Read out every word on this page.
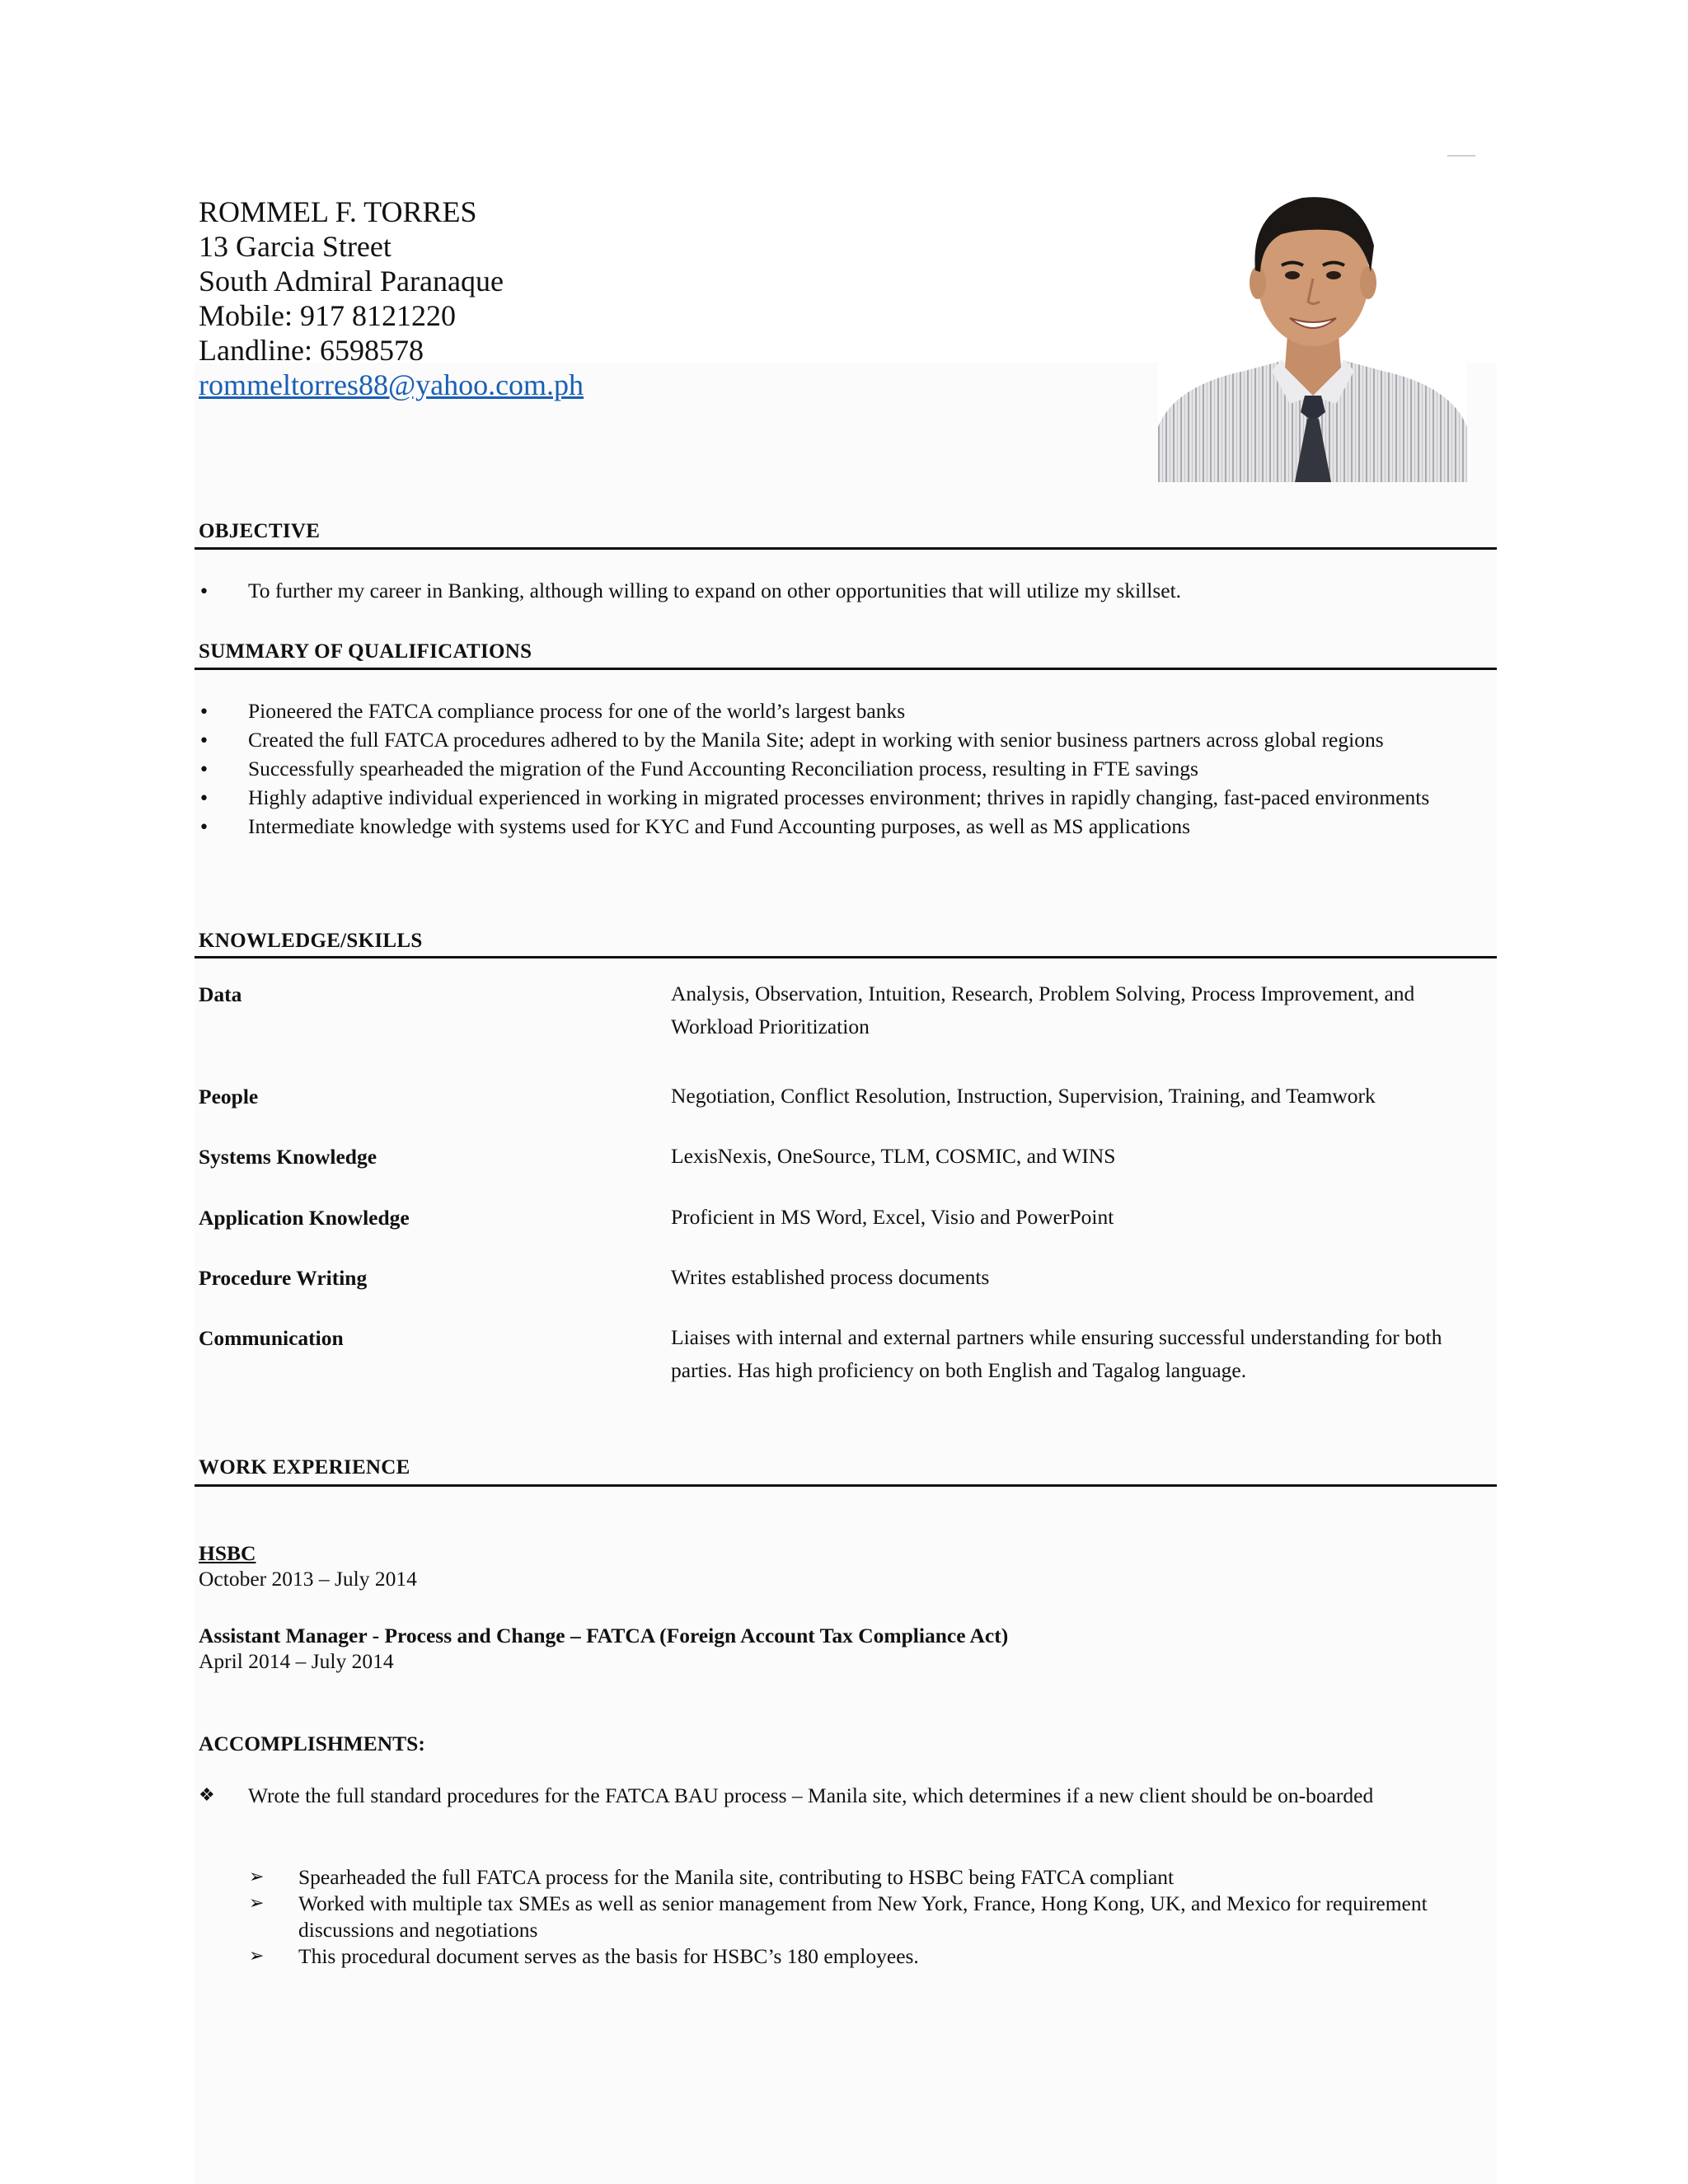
ROMMEL F. TORRES
13 Garcia Street
South Admiral Paranaque
Mobile: 917 8121220
Landline: 6598578
rommeltorres88@yahoo.com.ph
OBJECTIVE
•
To further my career in Banking, although willing to expand on other opportunities that will utilize my skillset.
SUMMARY OF QUALIFICATIONS
•
Pioneered the FATCA compliance process for one of the world’s largest banks
•
Created the full FATCA procedures adhered to by the Manila Site; adept in working with senior business partners across global regions
•
Successfully spearheaded the migration of the Fund Accounting Reconciliation process, resulting in FTE savings
•
Highly adaptive individual experienced in working in migrated processes environment; thrives in rapidly changing, fast-paced environments
•
Intermediate knowledge with systems used for KYC and Fund Accounting purposes, as well as MS applications
KNOWLEDGE/SKILLS
Data	Analysis, Observation, Intuition, Research, Problem Solving, Process Improvement, and Workload Prioritization
People	Negotiation, Conflict Resolution, Instruction, Supervision, Training, and Teamwork
Systems Knowledge	LexisNexis, OneSource, TLM, COSMIC, and WINS
Application Knowledge	Proficient in MS Word, Excel, Visio and PowerPoint
Procedure Writing	Writes established process documents
Communication	Liaises with internal and external partners while ensuring successful understanding for both parties. Has high proficiency on both English and Tagalog language.
WORK EXPERIENCE
HSBC
October 2013 – July 2014
Assistant Manager - Process and Change – FATCA (Foreign Account Tax Compliance Act)
April 2014 – July 2014
ACCOMPLISHMENTS:
❖	Wrote the full standard procedures for the FATCA BAU process – Manila site, which determines if a new client should be on-boarded
➢ Spearheaded the full FATCA process for the Manila site, contributing to HSBC being FATCA compliant
➢ Worked with multiple tax SMEs as well as senior management from New York, France, Hong Kong, UK, and Mexico for requirement discussions and negotiations
➢ This procedural document serves as the basis for HSBC’s 180 employees.
